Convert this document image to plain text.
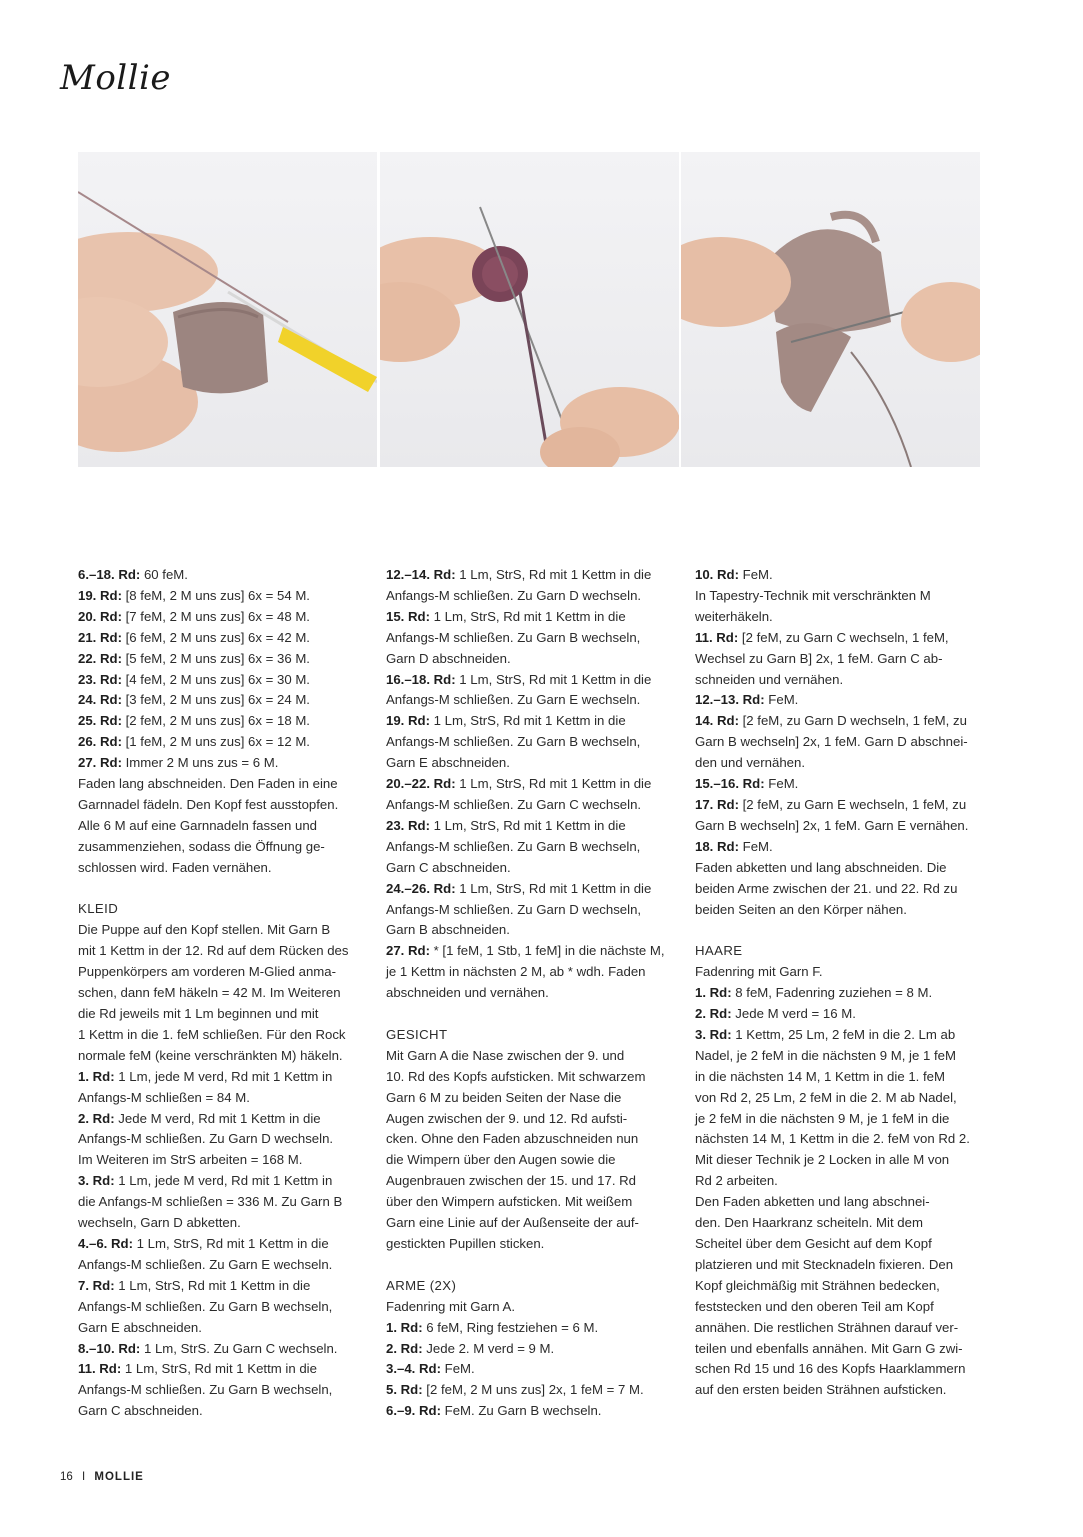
Mollie

6.–18. Rd: 60 feM.

19. Rd: [8 feM, 2 M uns zus] 6x = 54 M.

20. Rd: [7 feM, 2 M uns zus] 6x = 48 M.

21. Rd: [6 feM, 2 M uns zus] 6x = 42 M.

22. Rd: [5 feM, 2 M uns zus] 6x = 36 M.

23. Rd: [4 feM, 2 M uns zus] 6x = 30 M.

24. Rd: [3 feM, 2 M uns zus] 6x = 24 M.

25. Rd: [2 feM, 2 M uns zus] 6x = 18 M.

26. Rd: [1 feM, 2 M uns zus] 6x = 12 M.

27. Rd: Immer 2 M uns zus = 6 M.

Faden lang abschneiden. Den Faden in eine

Garnnadel fädeln. Den Kopf fest ausstopfen.

Alle 6 M auf eine Garnnadeln fassen und

zusammenziehen, sodass die Öffnung ge-

schlossen wird. Faden vernähen.

KLEID

Die Puppe auf den Kopf stellen. Mit Garn B

mit 1 Kettm in der 12. Rd auf dem Rücken des

Puppenkörpers am vorderen M-Glied anma-

schen, dann feM häkeln = 42 M. Im Weiteren

die Rd jeweils mit 1 Lm beginnen und mit

1 Kettm in die 1. feM schließen. Für den Rock

normale feM (keine verschränkten M) häkeln.

1. Rd: 1 Lm, jede M verd, Rd mit 1 Kettm in

Anfangs-M schließen = 84 M.

2. Rd: Jede M verd, Rd mit 1 Kettm in die

Anfangs-M schließen. Zu Garn D wechseln.

Im Weiteren im StrS arbeiten = 168 M.

3. Rd: 1 Lm, jede M verd, Rd mit 1 Kettm in

die Anfangs-M schließen = 336 M. Zu Garn B

wechseln, Garn D abketten.

4.–6. Rd: 1 Lm, StrS, Rd mit 1 Kettm in die

Anfangs-M schließen. Zu Garn E wechseln.

7. Rd: 1 Lm, StrS, Rd mit 1 Kettm in die

Anfangs-M schließen. Zu Garn B wechseln,

Garn E abschneiden.

8.–10. Rd: 1 Lm, StrS. Zu Garn C wechseln.

11. Rd: 1 Lm, StrS, Rd mit 1 Kettm in die

Anfangs-M schließen. Zu Garn B wechseln,

Garn C abschneiden.

12.–14. Rd: 1 Lm, StrS, Rd mit 1 Kettm in die

Anfangs-M schließen. Zu Garn D wechseln.

15. Rd: 1 Lm, StrS, Rd mit 1 Kettm in die

Anfangs-M schließen. Zu Garn B wechseln,

Garn D abschneiden.

16.–18. Rd: 1 Lm, StrS, Rd mit 1 Kettm in die

Anfangs-M schließen. Zu Garn E wechseln.

19. Rd: 1 Lm, StrS, Rd mit 1 Kettm in die

Anfangs-M schließen. Zu Garn B wechseln,

Garn E abschneiden.

20.–22. Rd: 1 Lm, StrS, Rd mit 1 Kettm in die

Anfangs-M schließen. Zu Garn C wechseln.

23. Rd: 1 Lm, StrS, Rd mit 1 Kettm in die

Anfangs-M schließen. Zu Garn B wechseln,

Garn C abschneiden.

24.–26. Rd: 1 Lm, StrS, Rd mit 1 Kettm in die

Anfangs-M schließen. Zu Garn D wechseln,

Garn B abschneiden.

27. Rd: * [1 feM, 1 Stb, 1 feM] in die nächste M,

je 1 Kettm in nächsten 2 M, ab * wdh. Faden

abschneiden und vernähen.

GESICHT

Mit Garn A die Nase zwischen der 9. und

10. Rd des Kopfs aufsticken. Mit schwarzem

Garn 6 M zu beiden Seiten der Nase die

Augen zwischen der 9. und 12. Rd aufsti-

cken. Ohne den Faden abzuschneiden nun

die Wimpern über den Augen sowie die

Augenbrauen zwischen der 15. und 17. Rd

über den Wimpern aufsticken. Mit weißem

Garn eine Linie auf der Außenseite der auf-

gestickten Pupillen sticken.

ARME (2X)

Fadenring mit Garn A.

1. Rd: 6 feM, Ring festziehen = 6 M.

2. Rd: Jede 2. M verd = 9 M.

3.–4. Rd: FeM.

5. Rd: [2 feM, 2 M uns zus] 2x, 1 feM = 7 M.

6.–9. Rd: FeM. Zu Garn B wechseln.

10. Rd: FeM.

In Tapestry-Technik mit verschränkten M

weiterhäkeln.

11. Rd: [2 feM, zu Garn C wechseln, 1 feM,

Wechsel zu Garn B] 2x, 1 feM. Garn C ab-

schneiden und vernähen.

12.–13. Rd: FeM.

14. Rd: [2 feM, zu Garn D wechseln, 1 feM, zu

Garn B wechseln] 2x, 1 feM. Garn D abschnei-

den und vernähen.

15.–16. Rd: FeM.

17. Rd: [2 feM, zu Garn E wechseln, 1 feM, zu

Garn B wechseln] 2x, 1 feM. Garn E vernähen.

18. Rd: FeM.

Faden abketten und lang abschneiden. Die

beiden Arme zwischen der 21. und 22. Rd zu

beiden Seiten an den Körper nähen.

HAARE

Fadenring mit Garn F.

1. Rd: 8 feM, Fadenring zuziehen = 8 M.

2. Rd: Jede M verd = 16 M.

3. Rd: 1 Kettm, 25 Lm, 2 feM in die 2. Lm ab

Nadel, je 2 feM in die nächsten 9 M, je 1 feM

in die nächsten 14 M, 1 Kettm in die 1. feM

von Rd 2, 25 Lm, 2 feM in die 2. M ab Nadel,

je 2 feM in die nächsten 9 M, je 1 feM in die

nächsten 14 M, 1 Kettm in die 2. feM von Rd 2.

Mit dieser Technik je 2 Locken in alle M von

Rd 2 arbeiten.

Den Faden abketten und lang abschnei-

den. Den Haarkranz scheiteln. Mit dem

Scheitel über dem Gesicht auf dem Kopf

platzieren und mit Stecknadeln fixieren. Den

Kopf gleichmäßig mit Strähnen bedecken,

feststecken und den oberen Teil am Kopf

annähen. Die restlichen Strähnen darauf ver-

teilen und ebenfalls annähen. Mit Garn G zwi-

schen Rd 15 und 16 des Kopfs Haarklammern

auf den ersten beiden Strähnen aufsticken.

16 I MOLLIE
